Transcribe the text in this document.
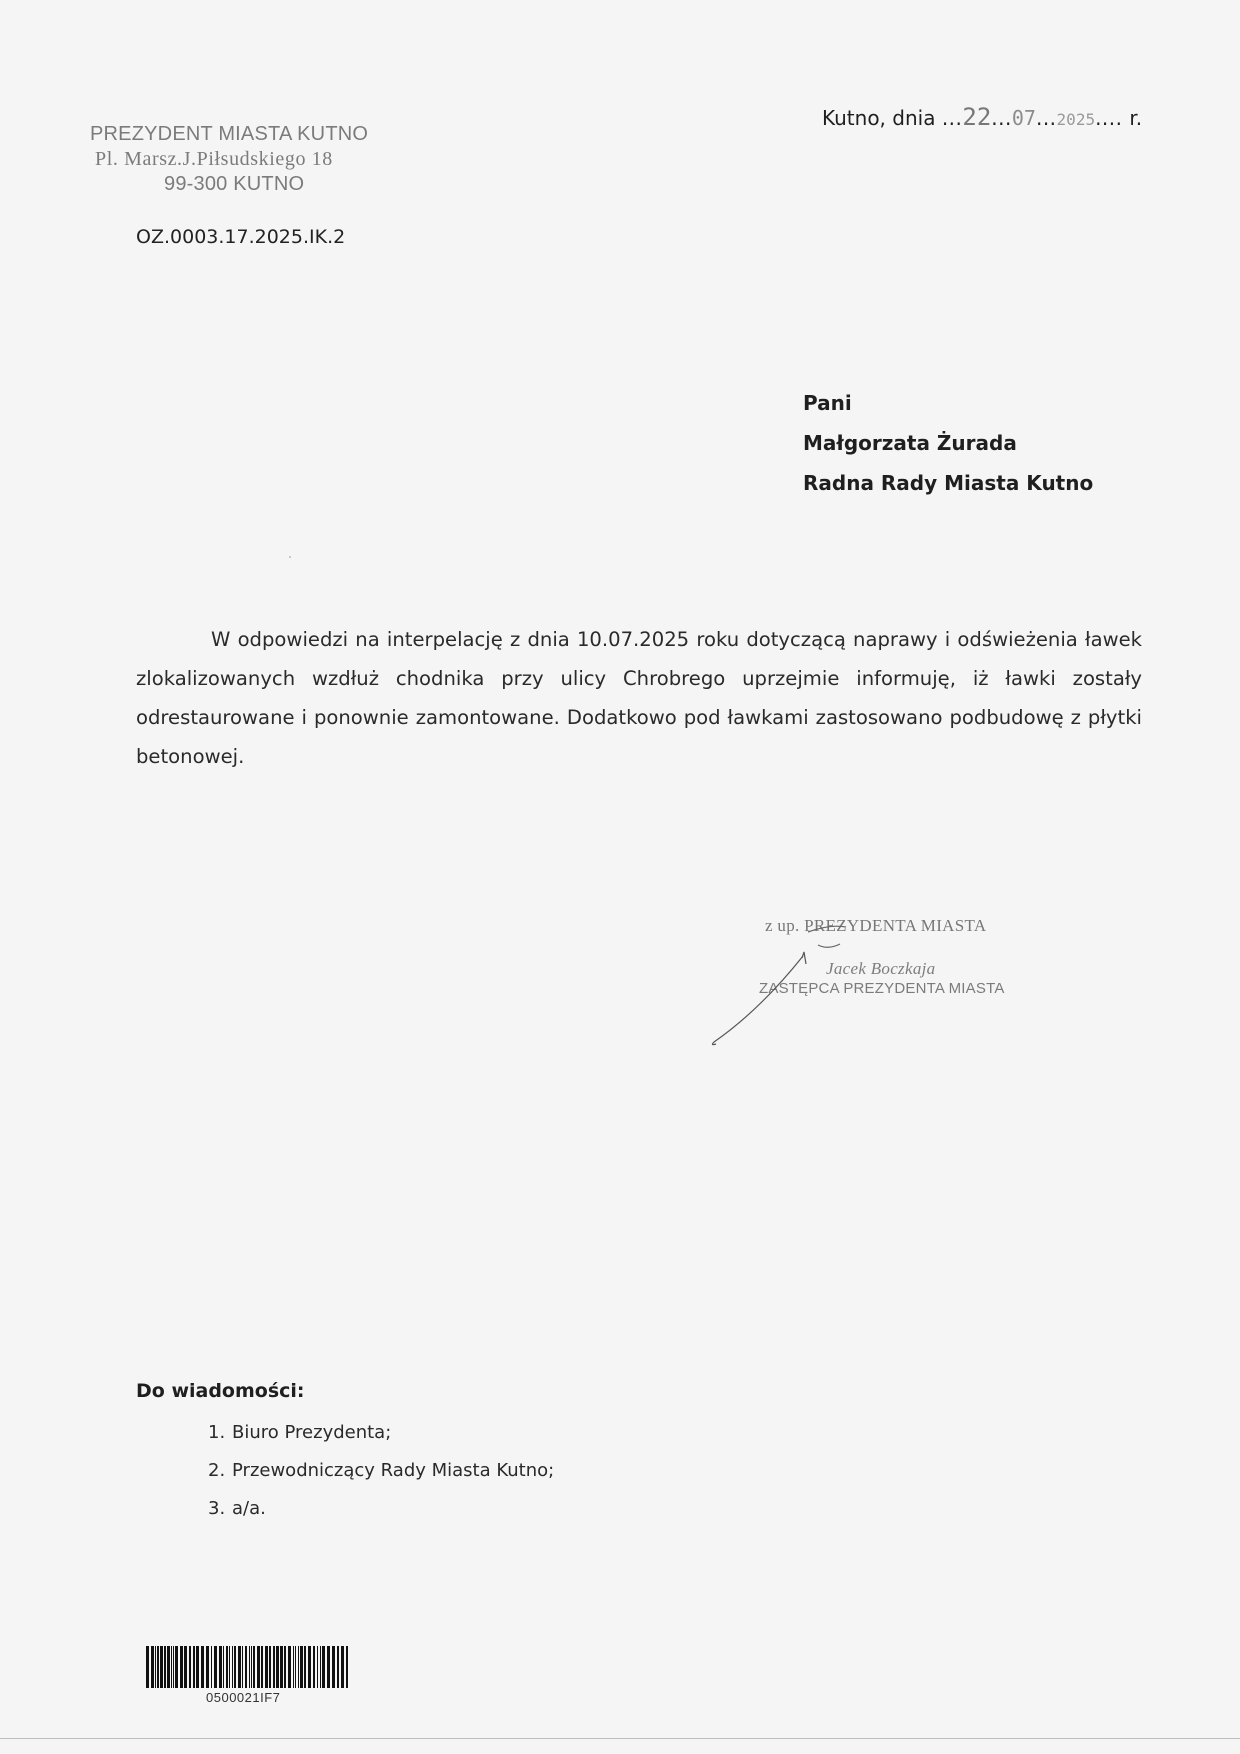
PREZYDENT MIASTA KUTNO
Pl. Marsz.J.Piłsudskiego 18
99-300 KUTNO
Kutno, dnia ...22...07...2025.... r.
OZ.0003.17.2025.IK.2
Pani
Małgorzata Żurada
Radna Rady Miasta Kutno
W odpowiedzi na interpelację z dnia 10.07.2025 roku dotyczącą naprawy i odświeżenia ławek zlokalizowanych wzdłuż chodnika przy ulicy Chrobrego uprzejmie informuję, iż ławki zostały odrestaurowane i ponownie zamontowane. Dodatkowo pod ławkami zastosowano podbudowę z płytki betonowej.
z up. PREZYDENTA MIASTA
Jacek Boczkaja
ZASTĘPCA PREZYDENTA MIASTA
Do wiadomości:
1. Biuro Prezydenta;
2. Przewodniczący Rady Miasta Kutno;
3. a/a.
0500021IF7
